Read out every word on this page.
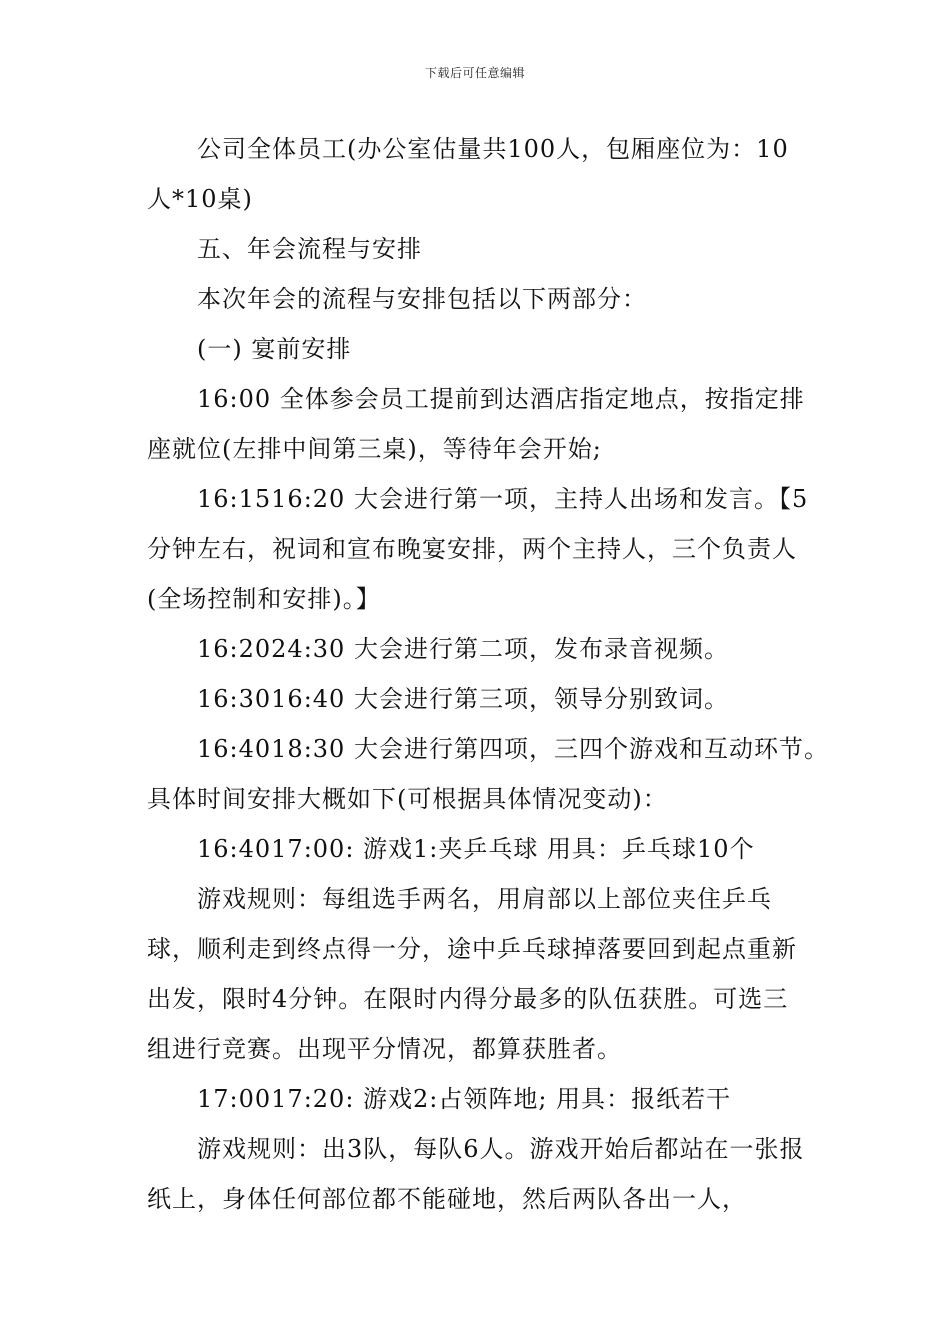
下载后可任意编辑

公司全体员工(办公室估量共100人，包厢座位为：10人*10桌)

五、年会流程与安排

本次年会的流程与安排包括以下两部分：

(一) 宴前安排

16:00 全体参会员工提前到达酒店指定地点，按指定排座就位(左排中间第三桌)，等待年会开始;

16:1516:20 大会进行第一项，主持人出场和发言。【5分钟左右，祝词和宣布晚宴安排，两个主持人，三个负责人(全场控制和安排)。】

16:2024:30 大会进行第二项，发布录音视频。

16:3016:40 大会进行第三项，领导分别致词。

16:4018:30 大会进行第四项，三四个游戏和互动环节。具体时间安排大概如下(可根据具体情况变动)：

16:4017:00: 游戏1:夹乒乓球 用具：乒乓球10个

游戏规则：每组选手两名，用肩部以上部位夹住乒乓球，顺利走到终点得一分，途中乒乓球掉落要回到起点重新出发，限时4分钟。在限时内得分最多的队伍获胜。可选三组进行竞赛。出现平分情况，都算获胜者。

17:0017:20: 游戏2:占领阵地; 用具：报纸若干

游戏规则：出3队，每队6人。游戏开始后都站在一张报纸上，身体任何部位都不能碰地，然后两队各出一人，
